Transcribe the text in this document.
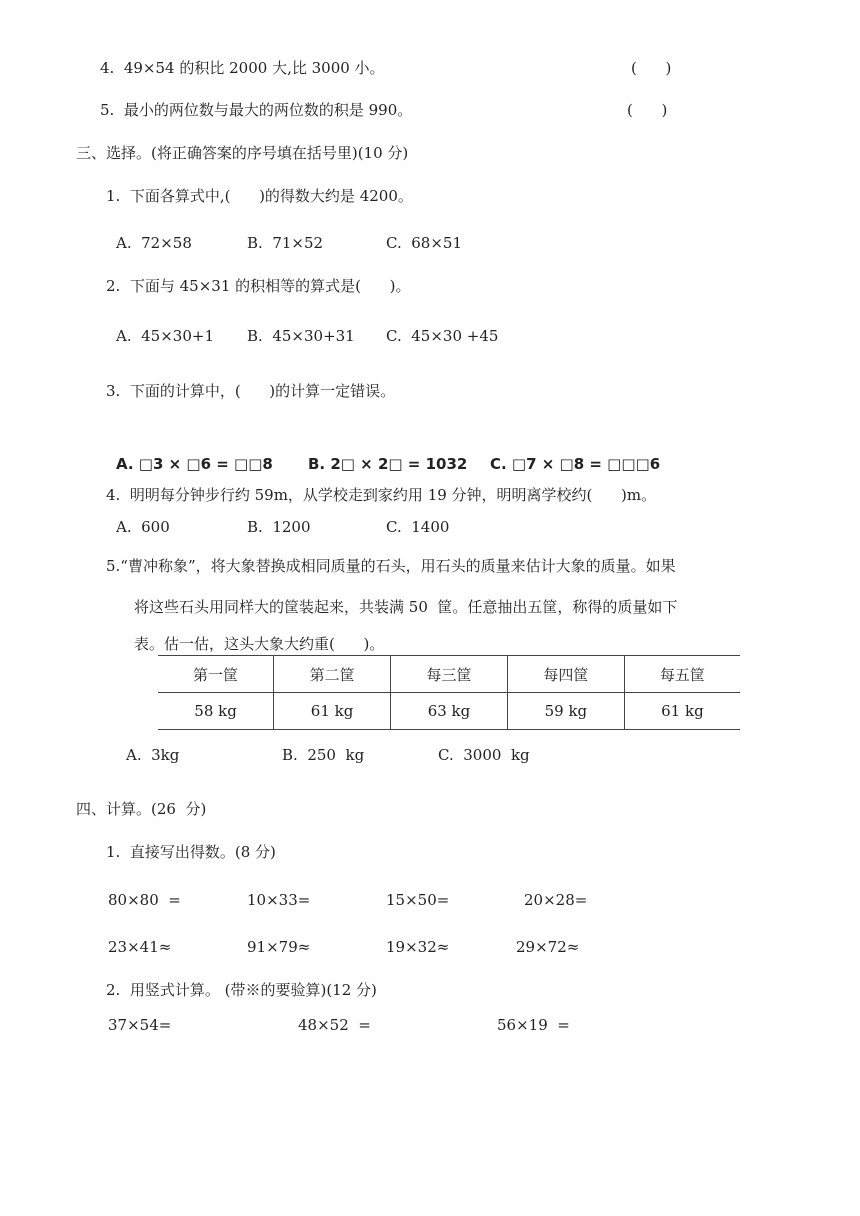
4.  49×54 的积比 2000 大,比 3000 小。	(      )
5.  最小的两位数与最大的两位数的积是 990。	(      )
三、选择。(将正确答案的序号填在括号里)(10 分)
1.  下面各算式中,(      )的得数大约是 4200。
A.  72×58	B.  71×52	C.  68×51
2.  下面与 45×31 的积相等的算式是(      )。
A.  45×30+1 B.  45×30+31 C.  45×30 +45
3.  下面的计算中，(      )的计算一定错误。
A. □3 × □6 = □□8 B. 2□ × 2□ = 1032 C. □7 × □8 = □□□6
4.  明明每分钟步行约 59m，从学校走到家约用 19 分钟，明明离学校约(      )m。
A.  600	B.  1200	C.  1400
5.“曹冲称象”，将大象替换成相同质量的石头，用石头的质量来估计大象的质量。如果
将这些石头用同样大的筐装起来，共装满 50  筐。任意抽出五筐，称得的质量如下
表。估一估，这头大象大约重(      )。
第一筐	第二筐	每三筐	每四筐	每五筐
58 kg	61 kg	63 kg	59 kg	61 kg
A.  3kg	B.  250  kg	C.  3000  kg
四、计算。(26  分)
1.  直接写出得数。(8 分)
80×80  =	10×33=	15×50=	20×28=
23×41≈	91×79≈	19×32≈	29×72≈
2.  用竖式计算。 (带※的要验算)(12 分)
37×54=	48×52  =	56×19  =
